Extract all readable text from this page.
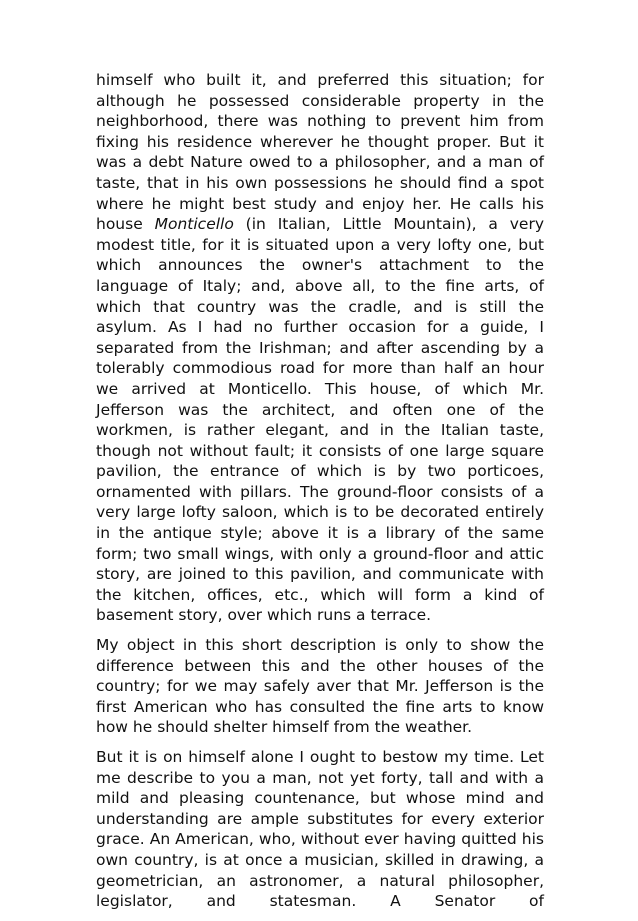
himself who built it, and preferred this situation; for although he possessed considerable property in the neighborhood, there was nothing to prevent him from fixing his residence wherever he thought proper. But it was a debt Nature owed to a philosopher, and a man of taste, that in his own possessions he should find a spot where he might best study and enjoy her. He calls his house Monticello (in Italian, Little Mountain), a very modest title, for it is situated upon a very lofty one, but which announces the owner's attachment to the language of Italy; and, above all, to the fine arts, of which that country was the cradle, and is still the asylum. As I had no further occasion for a guide, I separated from the Irishman; and after ascending by a tolerably commodious road for more than half an hour we arrived at Monticello. This house, of which Mr. Jefferson was the architect, and often one of the workmen, is rather elegant, and in the Italian taste, though not without fault; it consists of one large square pavilion, the entrance of which is by two porticoes, ornamented with pillars. The ground-floor consists of a very large lofty saloon, which is to be decorated entirely in the antique style; above it is a library of the same form; two small wings, with only a ground-floor and attic story, are joined to this pavilion, and communicate with the kitchen, offices, etc., which will form a kind of basement story, over which runs a terrace.

My object in this short description is only to show the difference between this and the other houses of the country; for we may safely aver that Mr. Jefferson is the first American who has consulted the fine arts to know how he should shelter himself from the weather.

But it is on himself alone I ought to bestow my time. Let me describe to you a man, not yet forty, tall and with a mild and pleasing countenance, but whose mind and understanding are ample substitutes for every exterior grace. An American, who, without ever having quitted his own country, is at once a musician, skilled in drawing, a geometrician, an astronomer, a natural philosopher, legislator, and statesman. A Senator of
